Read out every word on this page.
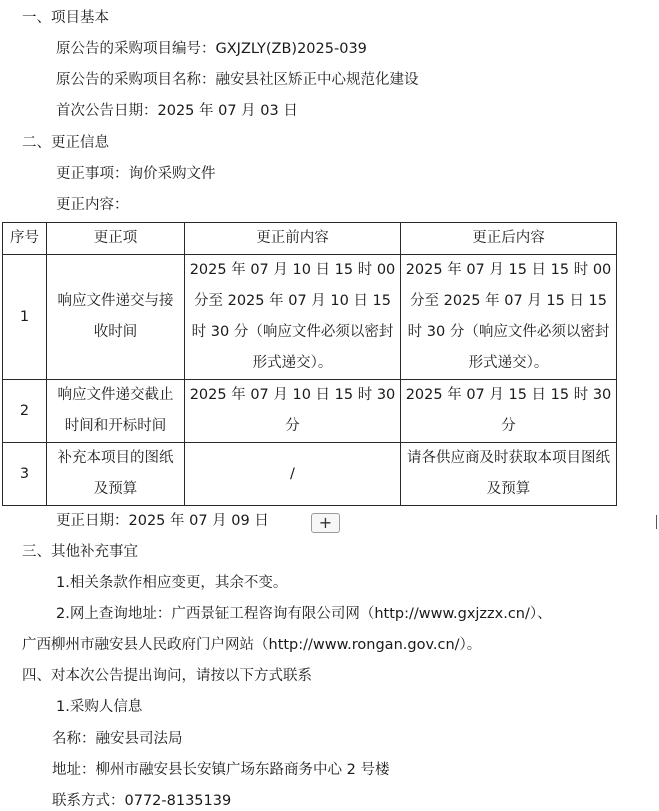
一、项目基本
原公告的采购项目编号：GXJZLY(ZB)2025-039
原公告的采购项目名称：融安县社区矫正中心规范化建设
首次公告日期：2025 年 07 月 03 日
二、更正信息
更正事项：询价采购文件
更正内容：
序号	更正项	更正前内容	更正后内容
1	响应文件递交与接收时间	2025 年 07 月 10 日 15 时 00 分至 2025 年 07 月 10 日 15 时 30 分（响应文件必须以密封形式递交）。	2025 年 07 月 15 日 15 时 00 分至 2025 年 07 月 15 日 15 时 30 分（响应文件必须以密封形式递交）。
2	响应文件递交截止时间和开标时间	2025 年 07 月 10 日 15 时 30 分	2025 年 07 月 15 日 15 时 30 分
3	补充本项目的图纸及预算	/	请各供应商及时获取本项目图纸及预算
更正日期：2025 年 07 月 09 日	+
三、其他补充事宜
1.相关条款作相应变更，其余不变。
2.网上查询地址：广西景钲工程咨询有限公司网（http://www.gxjzzx.cn/）、
广西柳州市融安县人民政府门户网站（http://www.rongan.gov.cn/）。
四、对本次公告提出询问，请按以下方式联系
1.采购人信息
名称：融安县司法局
地址：柳州市融安县长安镇广场东路商务中心 2 号楼
联系方式：0772-8135139
